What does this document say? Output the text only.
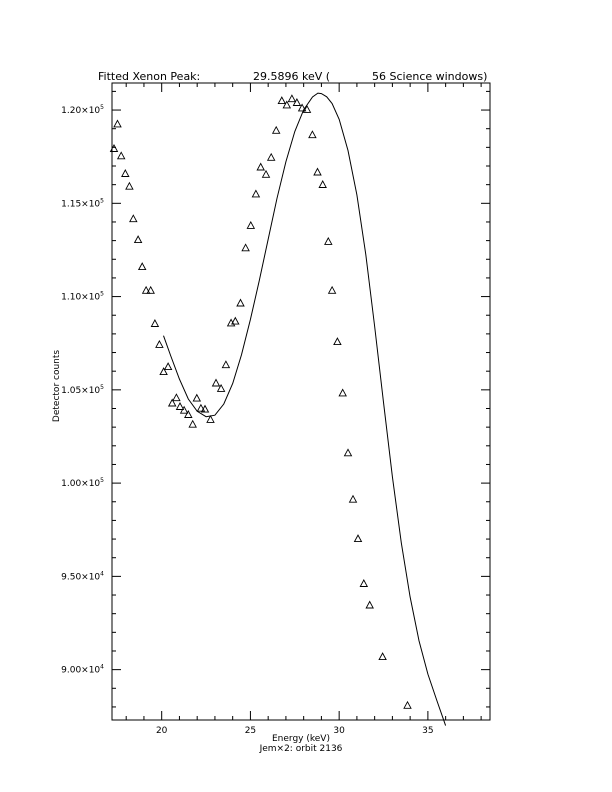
Fitted Xenon Peak:	29.5896 keV (	56 Science windows)
20	25	30	35
$9.00\times 10^4$
$9.50\times 10^4$
$1.00\times 10^5$
$1.05\times 10^5$
$1.10\times 10^5$
$1.15\times 10^5$
$1.20\times 10^5$
Energy (keV)
Jem×2: orbit 2136
Detector counts
